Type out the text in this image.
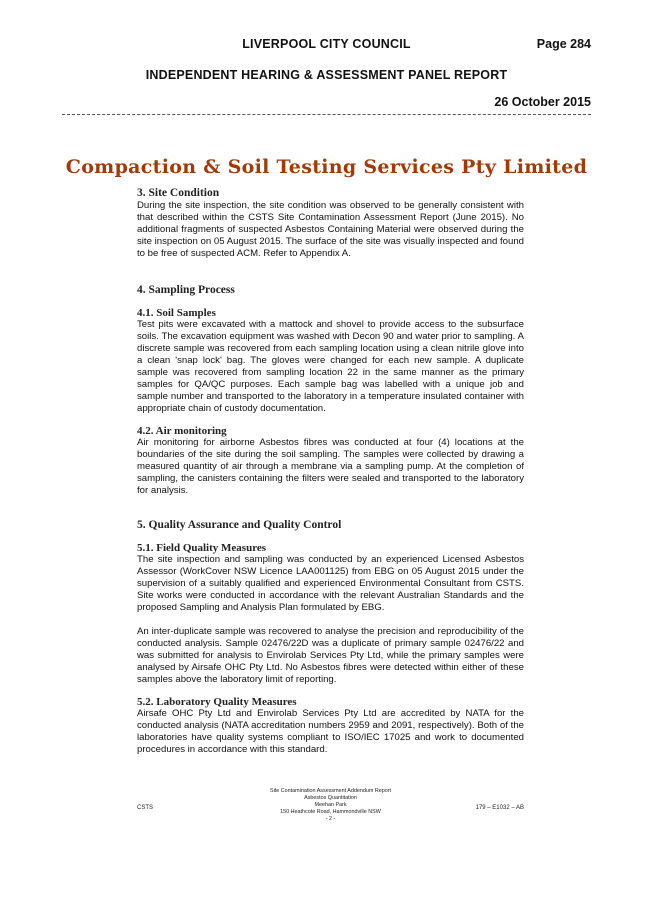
LIVERPOOL CITY COUNCIL	Page 284
INDEPENDENT HEARING & ASSESSMENT PANEL REPORT
26 October 2015
Compaction & Soil Testing Services Pty Limited

3. Site Condition

During the site inspection, the site condition was observed to be generally consistent with that described within the CSTS Site Contamination Assessment Report (June 2015). No additional fragments of suspected Asbestos Containing Material were observed during the site inspection on 05 August 2015. The surface of the site was visually inspected and found to be free of suspected ACM. Refer to Appendix A.

4. Sampling Process

4.1. Soil Samples

Test pits were excavated with a mattock and shovel to provide access to the subsurface soils. The excavation equipment was washed with Decon 90 and water prior to sampling. A discrete sample was recovered from each sampling location using a clean nitrile glove into a clean 'snap lock' bag. The gloves were changed for each new sample. A duplicate sample was recovered from sampling location 22 in the same manner as the primary samples for QA/QC purposes. Each sample bag was labelled with a unique job and sample number and transported to the laboratory in a temperature insulated container with appropriate chain of custody documentation.

4.2. Air monitoring

Air monitoring for airborne Asbestos fibres was conducted at four (4) locations at the boundaries of the site during the soil sampling. The samples were collected by drawing a measured quantity of air through a membrane via a sampling pump. At the completion of sampling, the canisters containing the filters were sealed and transported to the laboratory for analysis.

5. Quality Assurance and Quality Control

5.1. Field Quality Measures

The site inspection and sampling was conducted by an experienced Licensed Asbestos Assessor (WorkCover NSW Licence LAA001125) from EBG on 05 August 2015 under the supervision of a suitably qualified and experienced Environmental Consultant from CSTS. Site works were conducted in accordance with the relevant Australian Standards and the proposed Sampling and Analysis Plan formulated by EBG.

An inter-duplicate sample was recovered to analyse the precision and reproducibility of the conducted analysis. Sample 02476/22D was a duplicate of primary sample 02476/22 and was submitted for analysis to Envirolab Services Pty Ltd, while the primary samples were analysed by Airsafe OHC Pty Ltd. No Asbestos fibres were detected within either of these samples above the laboratory limit of reporting.

5.2. Laboratory Quality Measures

Airsafe OHC Pty Ltd and Envirolab Services Pty Ltd are accredited by NATA for the conducted analysis (NATA accreditation numbers 2959 and 2091, respectively). Both of the laboratories have quality systems compliant to ISO/IEC 17025 and work to documented procedures in accordance with this standard.

Site Contamination Assessment Addendum Report
Asbestos Quantitation
Meehan Park
150 Heathcote Road, Hammondville NSW
- 2 -
CSTS	179 – E1032 – AB
